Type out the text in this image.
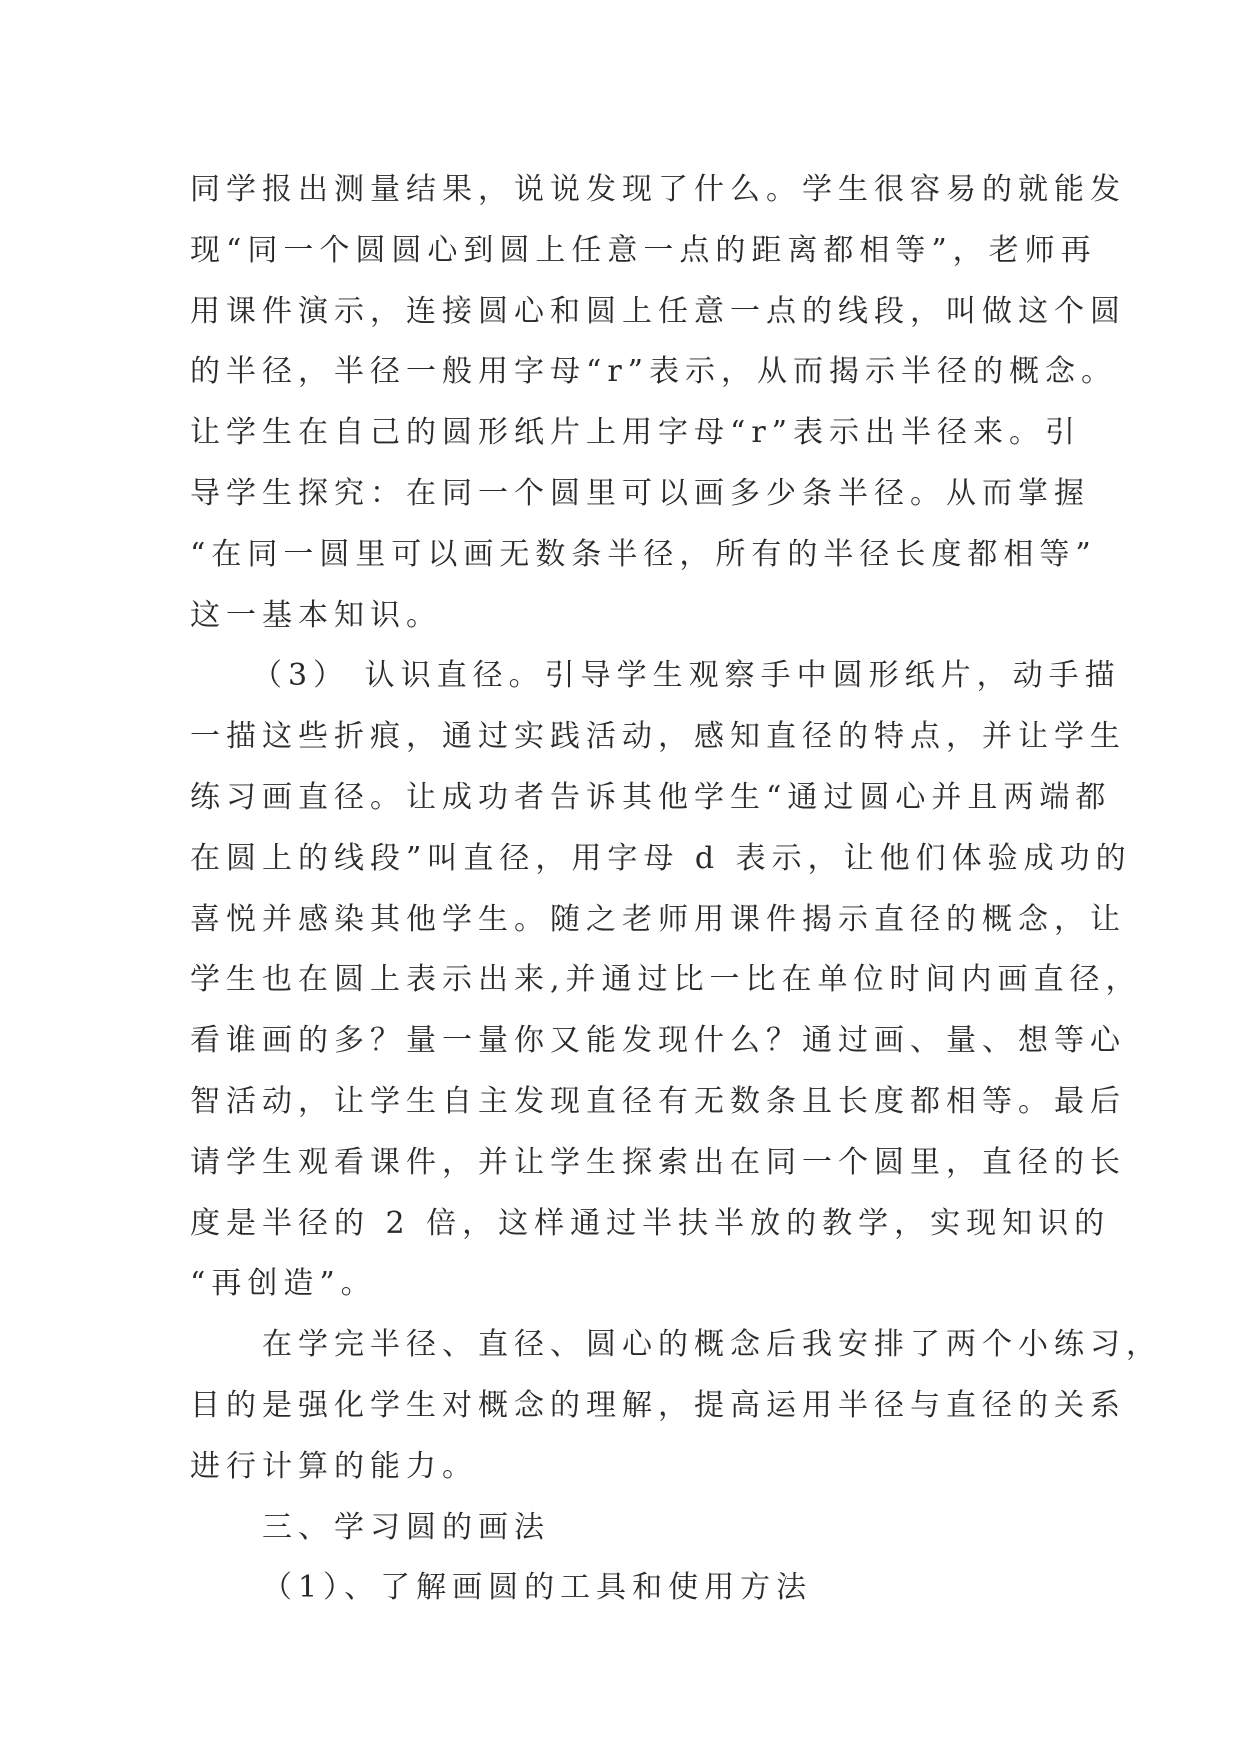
同学报出测量结果，说说发现了什么。学生很容易的就能发
现“同一个圆圆心到圆上任意一点的距离都相等”，老师再
用课件演示，连接圆心和圆上任意一点的线段，叫做这个圆
的半径，半径一般用字母“r”表示，从而揭示半径的概念。
让学生在自己的圆形纸片上用字母“r”表示出半径来。引
导学生探究：在同一个圆里可以画多少条半径。从而掌握
“在同一圆里可以画无数条半径，所有的半径长度都相等”
这一基本知识。
（3） 认识直径。引导学生观察手中圆形纸片，动手描
一描这些折痕，通过实践活动，感知直径的特点，并让学生
练习画直径。让成功者告诉其他学生“通过圆心并且两端都
在圆上的线段”叫直径，用字母 d 表示，让他们体验成功的
喜悦并感染其他学生。随之老师用课件揭示直径的概念，让
学生也在圆上表示出来,并通过比一比在单位时间内画直径，
看谁画的多？量一量你又能发现什么？通过画、量、想等心
智活动，让学生自主发现直径有无数条且长度都相等。最后
请学生观看课件，并让学生探索出在同一个圆里，直径的长
度是半径的 2 倍，这样通过半扶半放的教学，实现知识的
“再创造”。
在学完半径、直径、圆心的概念后我安排了两个小练习，
目的是强化学生对概念的理解，提高运用半径与直径的关系
进行计算的能力。
三、学习圆的画法
（1）、了解画圆的工具和使用方法
